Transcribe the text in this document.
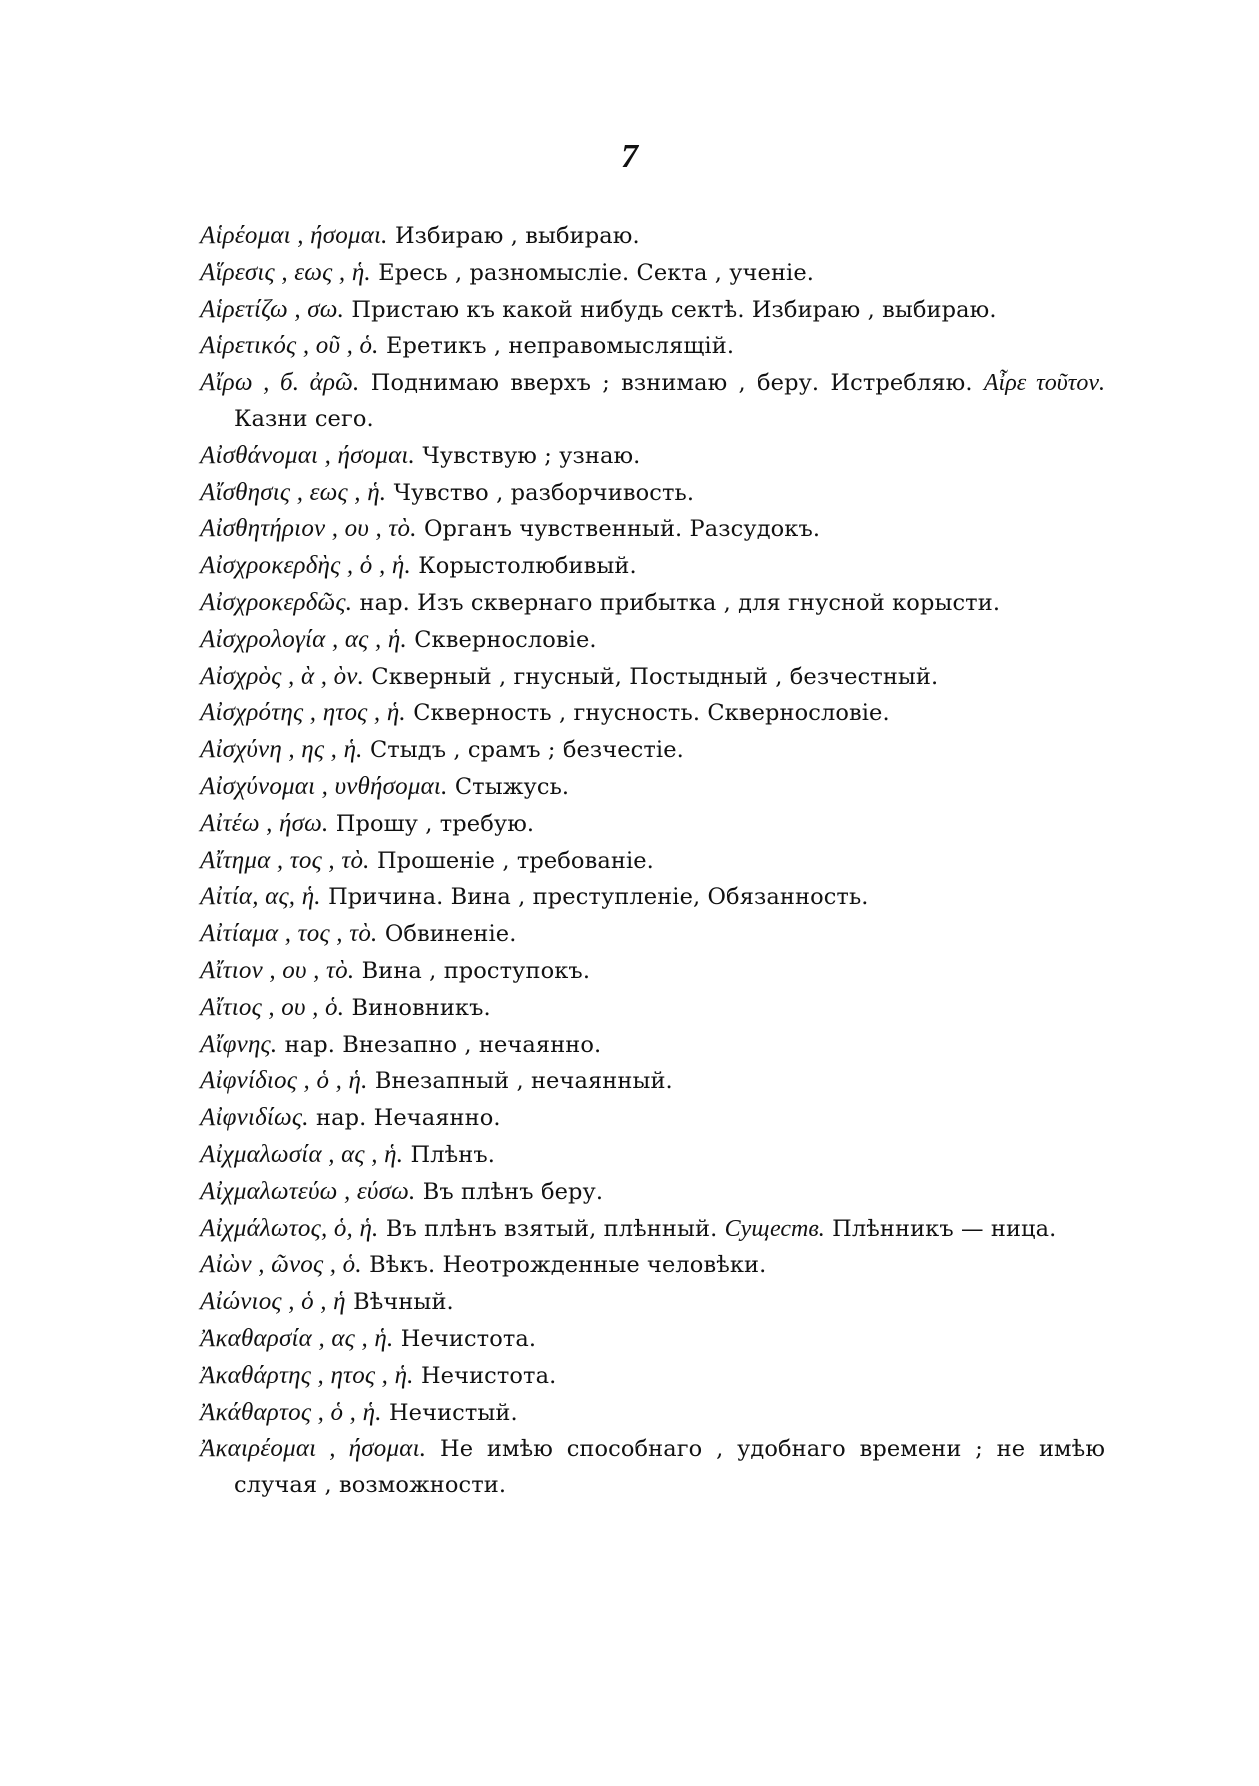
7
Αἱρέομαι , ήσομαι. Избираю , выбираю.
Αἵρεσις , εως , ἡ. Ересь , разномысліе. Секта , ученіе.
Αἱρετίζω , σω. Пристаю къ какой нибудь сектѣ. Избираю , выбираю.
Αἱρετικός , οῦ , ὁ. Еретикъ , неправомыслящій.
Αἴρω , б. ἀρῶ. Поднимаю вверхъ ; взнимаю , беру. Истребляю. Αἶρε τοῦτον. Казни сего.
Αἰσθάνομαι , ήσομαι. Чувствую ; узнаю.
Αἴσθησις , εως , ἡ. Чувство , разборчивость.
Αἰσθητήριον , ου , τὸ. Органъ чувственный. Разсудокъ.
Αἰσχροκερδὴς , ὁ , ἡ. Корыстолюбивый.
Αἰσχροκερδῶς. нар. Изъ сквернаго прибытка , для гнусной корысти.
Αἰσχρολογία , ας , ἡ. Сквернословіе.
Αἰσχρὸς , ὰ , ὸν. Скверный , гнусный, Постыдный , безчестный.
Αἰσχρότης , ητος , ἡ. Скверность , гнусность. Сквернословіе.
Αἰσχύνη , ης , ἡ. Стыдъ , срамъ ; безчестіе.
Αἰσχύνομαι , υνθήσομαι. Стыжусь.
Αἰτέω , ήσω. Прошу , требую.
Αἴτημα , τος , τὸ. Прошеніе , требованіе.
Αἰτία, ας, ἡ. Причина. Вина , преступленіе, Обязанность.
Αἰτίαμα , τος , τὸ. Обвиненіе.
Αἴτιον , ου , τὸ. Вина , проступокъ.
Αἴτιος , ου , ὁ. Виновникъ.
Αἴφνης. нар. Внезапно , нечаянно.
Αἰφνίδιος , ὁ , ἡ. Внезапный , нечаянный.
Αἰφνιδίως. нар. Нечаянно.
Αἰχμαλωσία , ας , ἡ. Плѣнъ.
Αἰχμαλωτεύω , εύσω. Въ плѣнъ беру.
Αἰχμάλωτος, ὁ, ἡ. Въ плѣнъ взятый, плѣнный. Существ. Плѣнникъ — ница.
Αἰὼν , ῶνος , ὁ. Вѣкъ. Неотрожденные человѣки.
Αἰώνιος , ὁ , ἡ Вѣчный.
Ἀκαθαρσία , ας , ἡ. Нечистота.
Ἀκαθάρτης , ητος , ἡ. Нечистота.
Ἀκάθαρτος , ὁ , ἡ. Нечистый.
Ἀκαιρέομαι , ήσομαι. Не имѣю способнаго , удобнаго времени ; не имѣю случая , возможности.
